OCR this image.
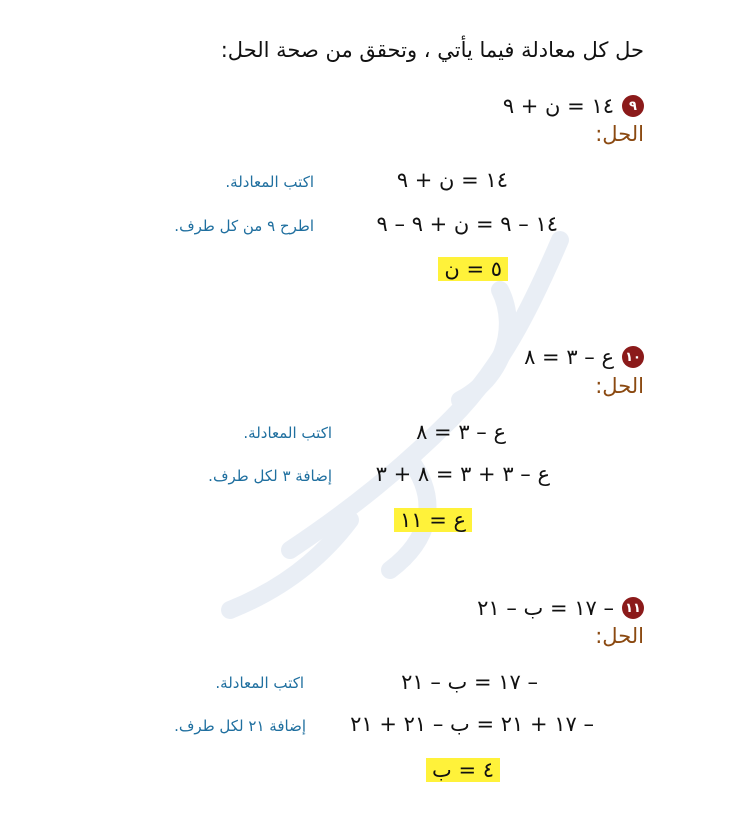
حل كل معادلة فيما يأتي ، وتحقق من صحة الحل:
٩
١٤ = ن + ٩
الحل:
١٤ = ن + ٩
اكتب المعادلة.
١٤ – ٩ = ن + ٩ – ٩
اطرح ٩ من كل طرف.
٥ = ن
١٠
ع – ٣ = ٨
الحل:
ع – ٣ = ٨
اكتب المعادلة.
ع – ٣ + ٣ = ٨ + ٣
إضافة ٣ لكل طرف.
ع = ١١
١١
– ١٧ = ب – ٢١
الحل:
– ١٧ = ب – ٢١
اكتب المعادلة.
– ١٧ + ٢١ = ب – ٢١ + ٢١
إضافة ٢١ لكل طرف.
٤ = ب
